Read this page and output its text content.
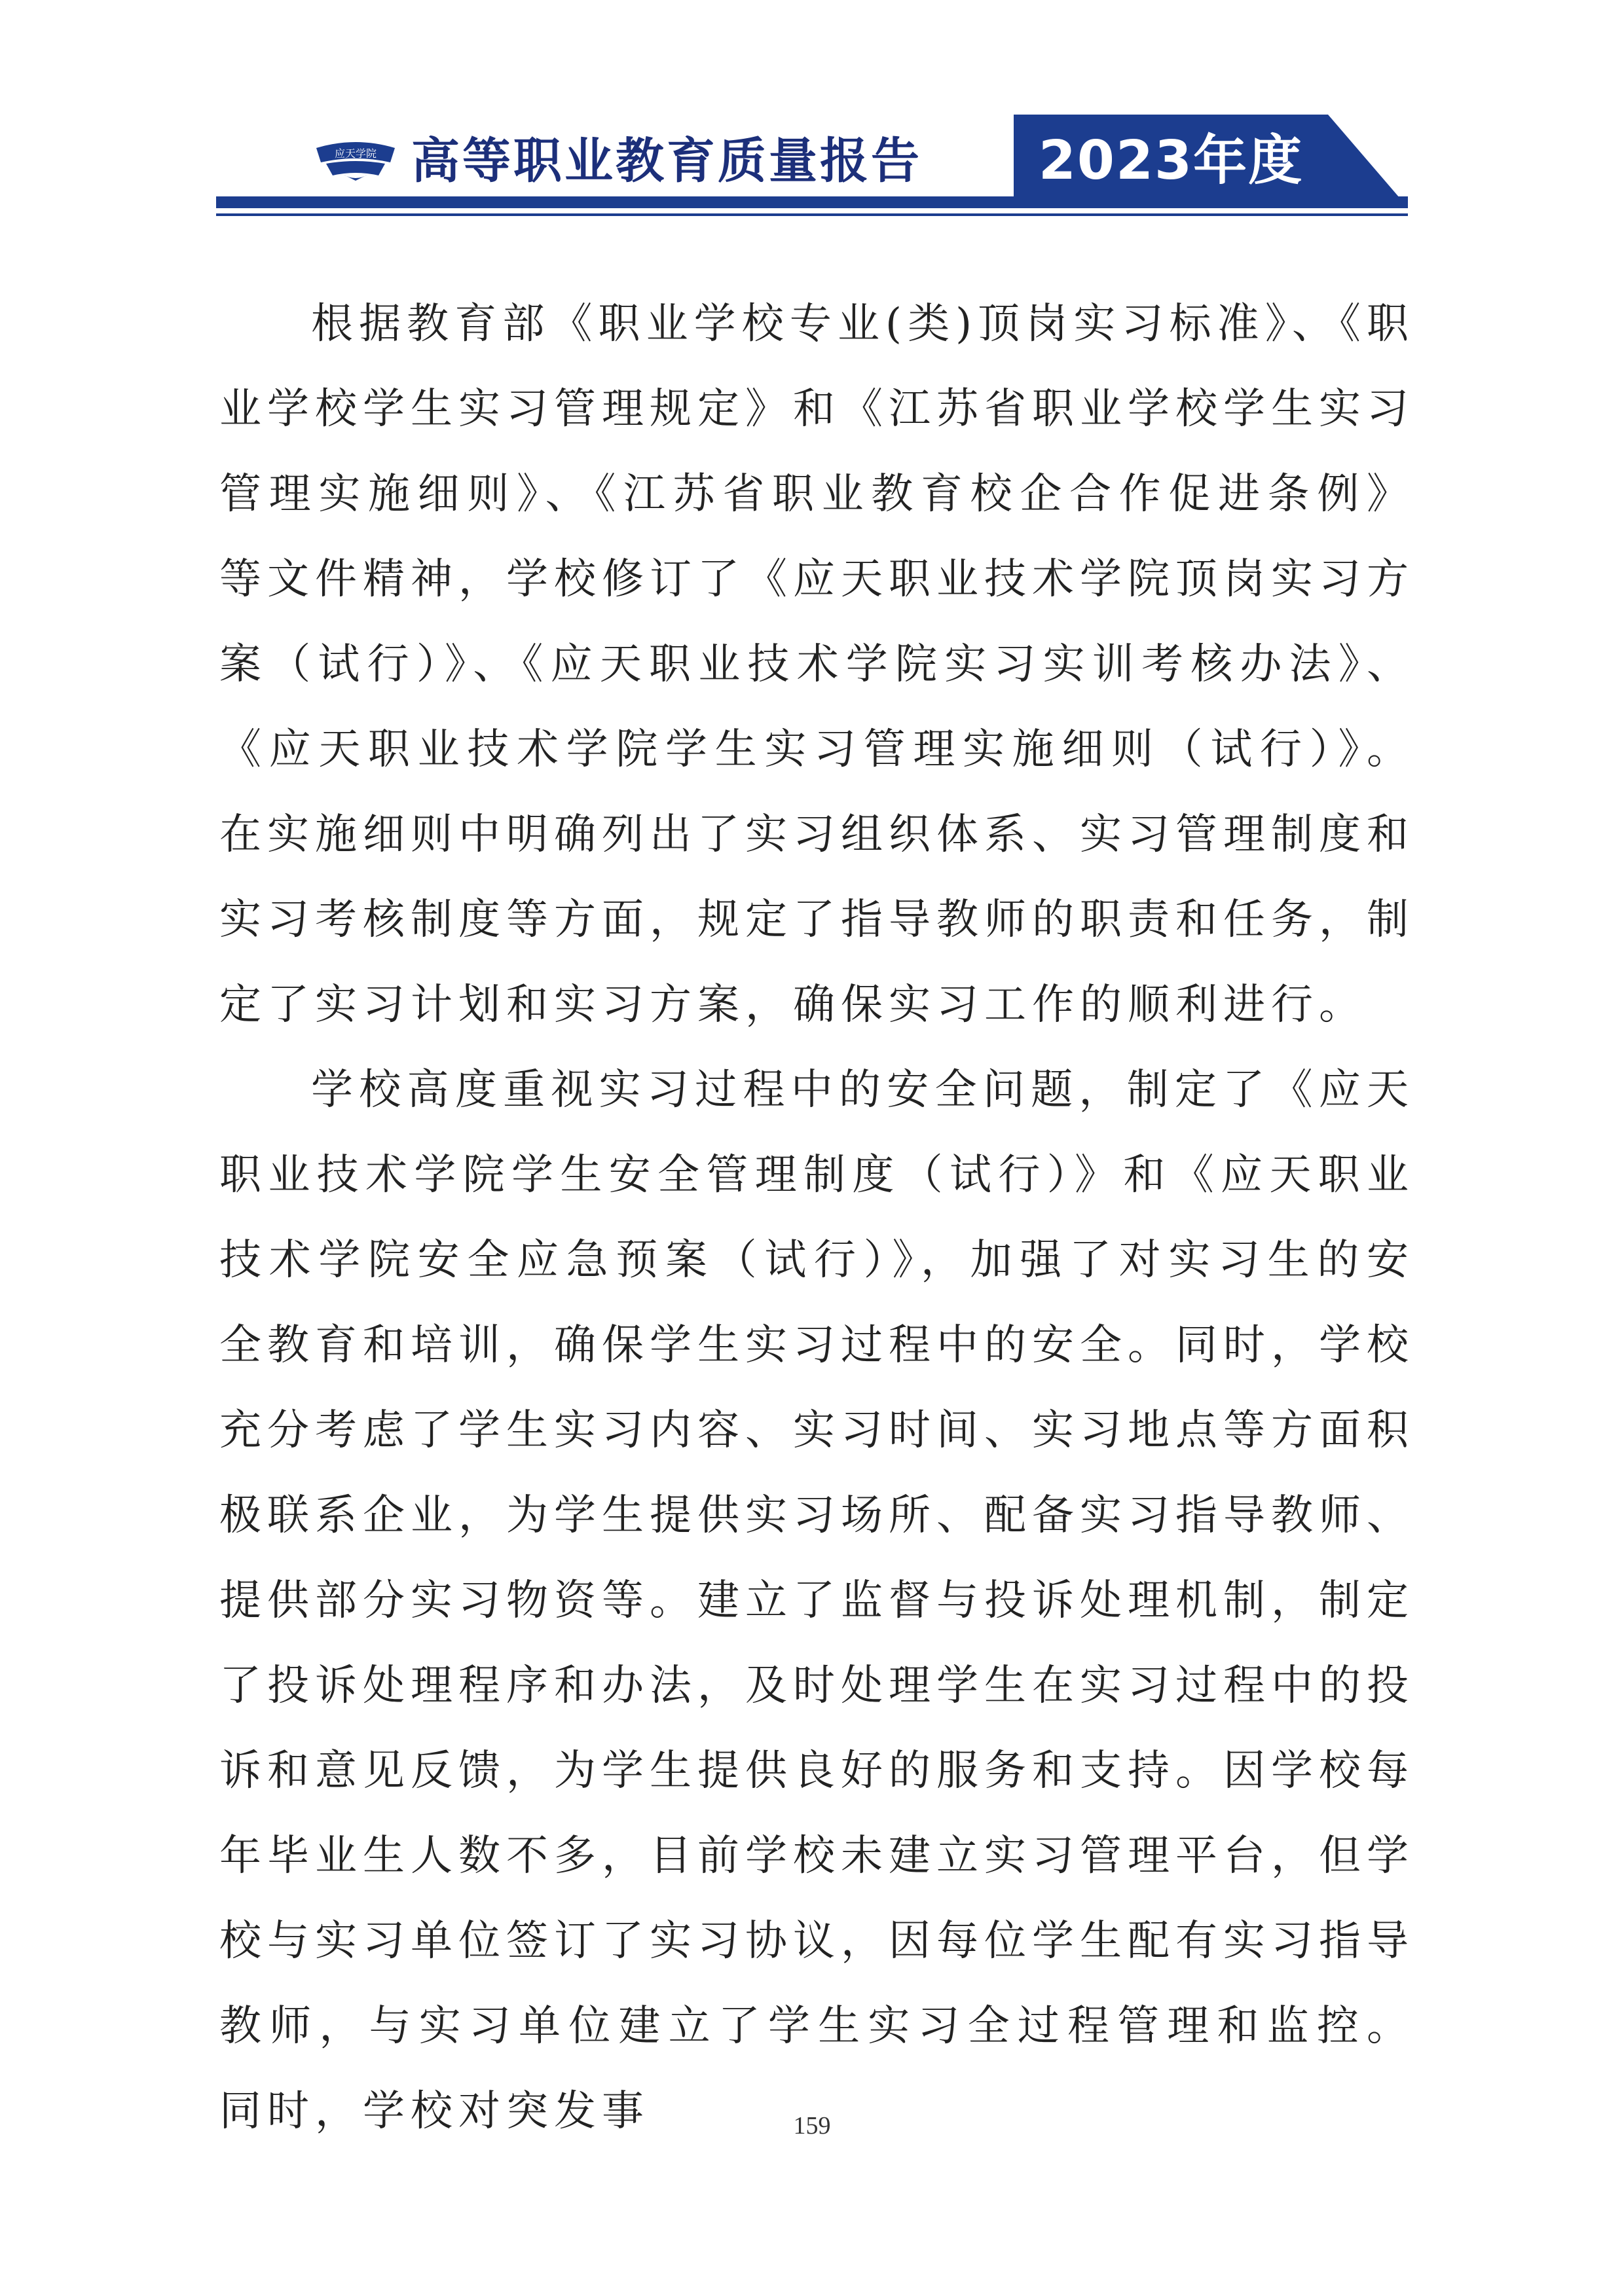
应天学院 高等职业教育质量报告	2023年度

根据教育部《职业学校专业(类)顶岗实习标准》、《职业学校学生实习管理规定》和《江苏省职业学校学生实习管理实施细则》、《江苏省职业教育校企合作促进条例》等文件精神，学校修订了《应天职业技术学院顶岗实习方案（试行）》、《应天职业技术学院实习实训考核办法》、《应天职业技术学院学生实习管理实施细则（试行）》。在实施细则中明确列出了实习组织体系、实习管理制度和实习考核制度等方面，规定了指导教师的职责和任务，制定了实习计划和实习方案，确保实习工作的顺利进行。

学校高度重视实习过程中的安全问题，制定了《应天职业技术学院学生安全管理制度（试行）》和《应天职业技术学院安全应急预案（试行）》，加强了对实习生的安全教育和培训，确保学生实习过程中的安全。同时，学校充分考虑了学生实习内容、实习时间、实习地点等方面积极联系企业，为学生提供实习场所、配备实习指导教师、提供部分实习物资等。建立了监督与投诉处理机制，制定了投诉处理程序和办法，及时处理学生在实习过程中的投诉和意见反馈，为学生提供良好的服务和支持。因学校每年毕业生人数不多，目前学校未建立实习管理平台，但学校与实习单位签订了实习协议，因每位学生配有实习指导教师，与实习单位建立了学生实习全过程管理和监控。 同时，学校对突发事	159
